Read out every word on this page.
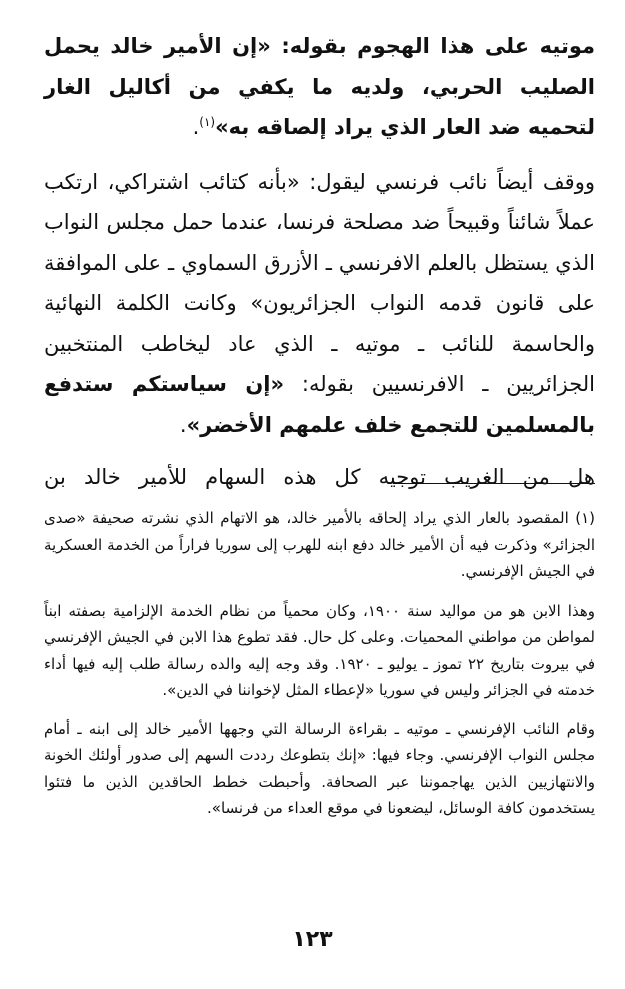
موتيه على هذا الهجوم بقوله: «إن الأمير خالد يحمل الصليب الحربي، ولديه ما يكفي من أكاليل الغار لتحميه ضد العار الذي يراد إلصاقه به»$^{(١)}$.

ووقف أيضاً نائب فرنسي ليقول: «بأنه كتائب اشتراكي، ارتكب عملاً شائناً وقبيحاً ضد مصلحة فرنسا، عندما حمل مجلس النواب الذي يستظل بالعلم الافرنسي ـ الأزرق السماوي ـ على الموافقة على قانون قدمه النواب الجزائريون» وكانت الكلمة النهائية والحاسمة للنائب ـ موتيه ـ الذي عاد ليخاطب المنتخبين الجزائريين ـ الافرنسيين بقوله: «إن سياستكم ستدفع بالمسلمين للتجمع خلف علمهم الأخضر».

هل من الغريب توجيه كل هذه السهام للأمير خالد بن

(١) المقصود بالعار الذي يراد إلحاقه بالأمير خالد، هو الاتهام الذي نشرته صحيفة «صدى الجزائر» وذكرت فيه أن الأمير خالد دفع ابنه للهرب إلى سوريا فراراً من الخدمة العسكرية في الجيش الإفرنسي.

وهذا الابن هو من مواليد سنة ١٩٠٠، وكان محمياً من نظام الخدمة الإلزامية بصفته ابناً لمواطن من مواطني المحميات. وعلى كل حال. فقد تطوع هذا الابن في الجيش الإفرنسي في بيروت بتاريخ ٢٢ تموز ـ يوليو ـ ١٩٢٠. وقد وجه إليه والده رسالة طلب إليه فيها أداء خدمته في الجزائر وليس في سوريا «لإعطاء المثل لإخواننا في الدين».

وقام النائب الإفرنسي ـ موتيه ـ بقراءة الرسالة التي وجهها الأمير خالد إلى ابنه ـ أمام مجلس النواب الإفرنسي. وجاء فيها: «إنك بتطوعك رددت السهم إلى صدور أولئك الخونة والانتهازيين الذين يهاجموننا عبر الصحافة. وأحبطت خطط الحاقدين الذين ما فتئوا يستخدمون كافة الوسائل، ليضعونا في موقع العداء من فرنسا».

١٢٣
